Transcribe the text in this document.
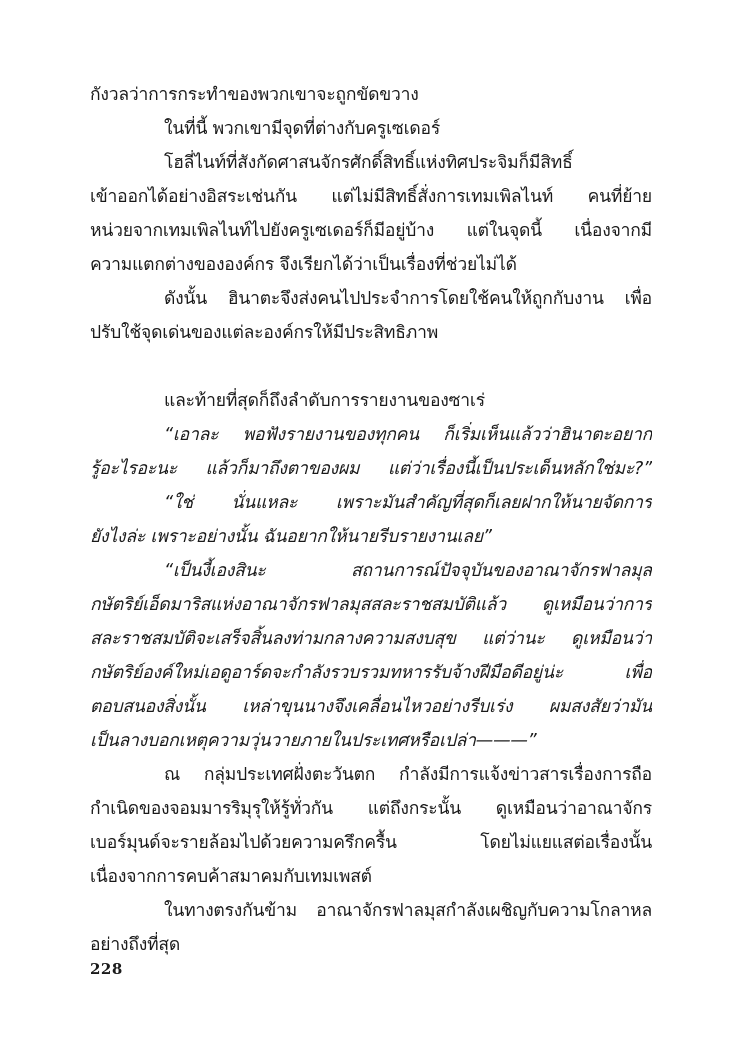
กังวลว่าการกระทำของพวกเขาจะถูกขัดขวาง
ในที่นี้ พวกเขามีจุดที่ต่างกับครูเซเดอร์
โฮลี่ไนท์ที่สังกัดศาสนจักรศักดิ์สิทธิ์แห่งทิศประจิมก็มีสิทธิ์
เข้าออกได้อย่างอิสระเช่นกัน แต่ไม่มีสิทธิ์สั่งการเทมเพิลไนท์ คนที่ย้าย
หน่วยจากเทมเพิลไนท์ไปยังครูเซเดอร์ก็มีอยู่บ้าง แต่ในจุดนี้ เนื่องจากมี
ความแตกต่างขององค์กร จึงเรียกได้ว่าเป็นเรื่องที่ช่วยไม่ได้
ดังนั้น ฮินาตะจึงส่งคนไปประจำการโดยใช้คนให้ถูกกับงาน เพื่อ
ปรับใช้จุดเด่นของแต่ละองค์กรให้มีประสิทธิภาพ
และท้ายที่สุดก็ถึงลำดับการรายงานของซาเร่
“เอาละ พอฟังรายงานของทุกคน ก็เริ่มเห็นแล้วว่าฮินาตะอยาก
รู้อะไรอะนะ แล้วก็มาถึงตาของผม แต่ว่าเรื่องนี้เป็นประเด็นหลักใช่มะ?”
“ใช่ นั่นแหละ เพราะมันสำคัญที่สุดก็เลยฝากให้นายจัดการ
ยังไงล่ะ เพราะอย่างนั้น ฉันอยากให้นายรีบรายงานเลย”
“เป็นงี้เองสินะ สถานการณ์ปัจจุบันของอาณาจักรฟาลมุส
กษัตริย์เอ็ดมาริสแห่งอาณาจักรฟาลมุสสละราชสมบัติแล้ว ดูเหมือนว่าการ
สละราชสมบัติจะเสร็จสิ้นลงท่ามกลางความสงบสุข แต่ว่านะ ดูเหมือนว่า
กษัตริย์องค์ใหม่เอดูอาร์ดจะกำลังรวบรวมทหารรับจ้างฝีมือดีอยู่น่ะ เพื่อ
ตอบสนองสิ่งนั้น เหล่าขุนนางจึงเคลื่อนไหวอย่างรีบเร่ง ผมสงสัยว่ามัน
เป็นลางบอกเหตุความวุ่นวายภายในประเทศหรือเปล่า———”
ณ กลุ่มประเทศฝั่งตะวันตก กำลังมีการแจ้งข่าวสารเรื่องการถือ
กำเนิดของจอมมารริมุรุให้รู้ทั่วกัน แต่ถึงกระนั้น ดูเหมือนว่าอาณาจักร
เบอร์มุนด์จะรายล้อมไปด้วยความครึกครื้น โดยไม่แยแสต่อเรื่องนั้น
เนื่องจากการคบค้าสมาคมกับเทมเพสต์
ในทางตรงกันข้าม อาณาจักรฟาลมุสกำลังเผชิญกับความโกลาหล
อย่างถึงที่สุด
228
